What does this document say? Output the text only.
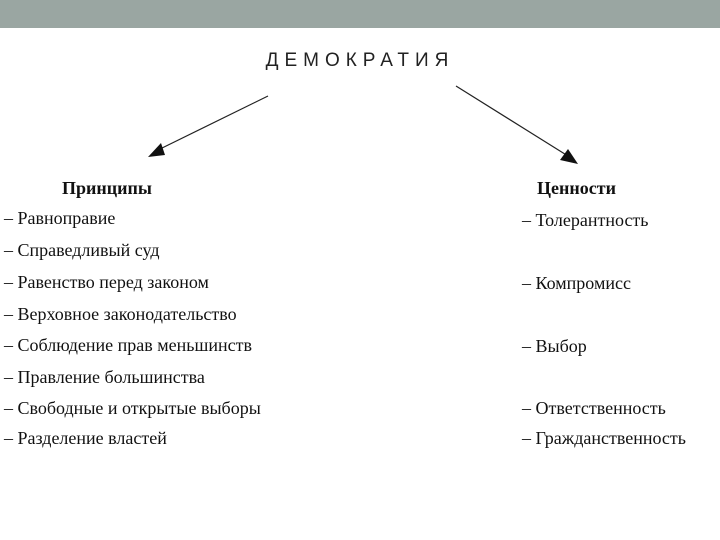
ДЕМОКРАТИЯ
Принципы	Ценности
– Равноправие
– Справедливый суд
– Равенство перед законом
– Верховное законодательство
– Соблюдение прав меньшинств
– Правление большинства
– Свободные и открытые выборы
– Разделение властей
– Толерантность
– Компромисс
– Выбор
– Ответственность
– Гражданственность
